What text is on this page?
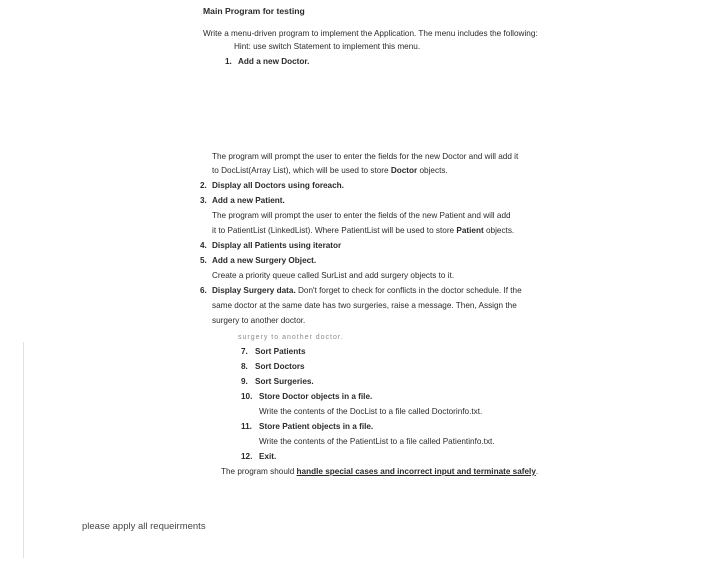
Main Program for testing
Write a menu-driven program to implement the Application. The menu includes the following:
Hint: use switch Statement to implement this menu.
1. Add a new Doctor.
The program will prompt the user to enter the fields for the new Doctor and will add it
to DocList(Array List), which will be used to store Doctor objects.
2. Display all Doctors using foreach.
3. Add a new Patient.
The program will prompt the user to enter the fields of the new Patient and will add
it to PatientList (LinkedList). Where PatientList will be used to store Patient objects.
4. Display all Patients using iterator
5. Add a new Surgery Object.
Create a priority queue called SurList and add surgery objects to it.
6. Display Surgery data. Don't forget to check for conflicts in the doctor schedule. If the
same doctor at the same date has two surgeries, raise a message. Then, Assign the
surgery to another doctor.
surgery to another doctor.
7. Sort Patients
8. Sort Doctors
9. Sort Surgeries.
10. Store Doctor objects in a file.
Write the contents of the DocList to a file called Doctorinfo.txt.
11. Store Patient objects in a file.
Write the contents of the PatientList to a file called Patientinfo.txt.
12. Exit.
The program should handle special cases and incorrect input and terminate safely.
please apply all requeirments
